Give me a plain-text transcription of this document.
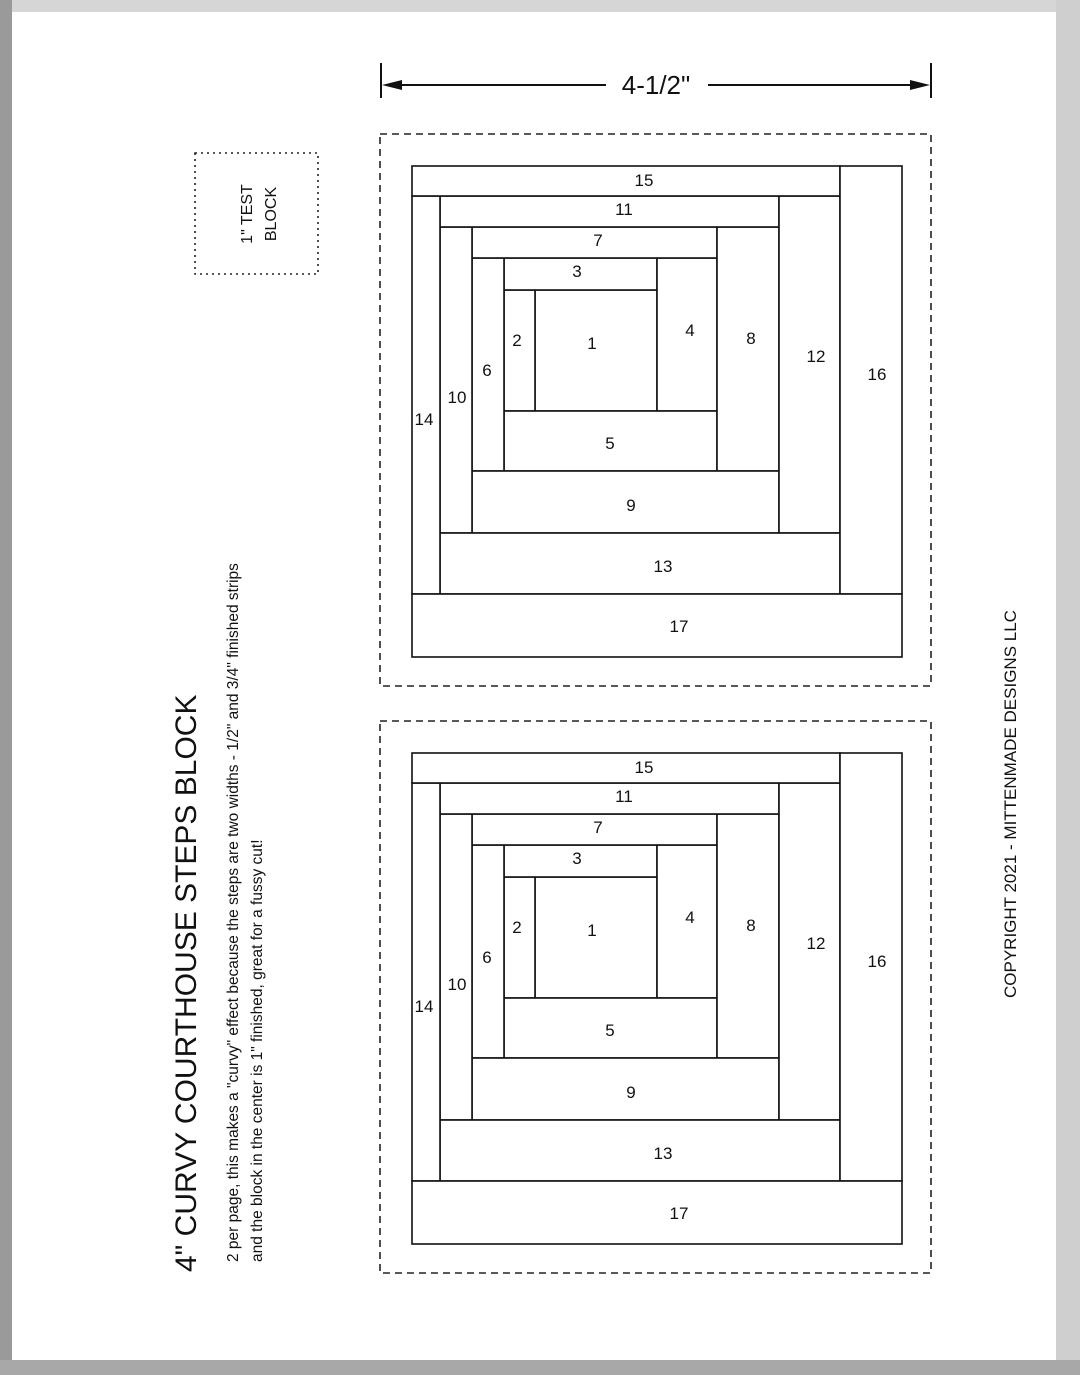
4" CURVY COURTHOUSE STEPS BLOCK 2 per page, this makes a "curvy" effect because the steps are two widths - 1/2" and 3/4" finished strips and the block in the center is 1" finished, great for a fussy cut!
1" TEST BLOCK
4-1/2"
COPYRIGHT 2021 - MITTENMADE DESIGNS LLC
1
2
3
4
5
6
7
8
9
10
11
12
13
14
15
16
17
1
2
3
4
5
6
7
8
9
10
11
12
13
14
15
16
17
